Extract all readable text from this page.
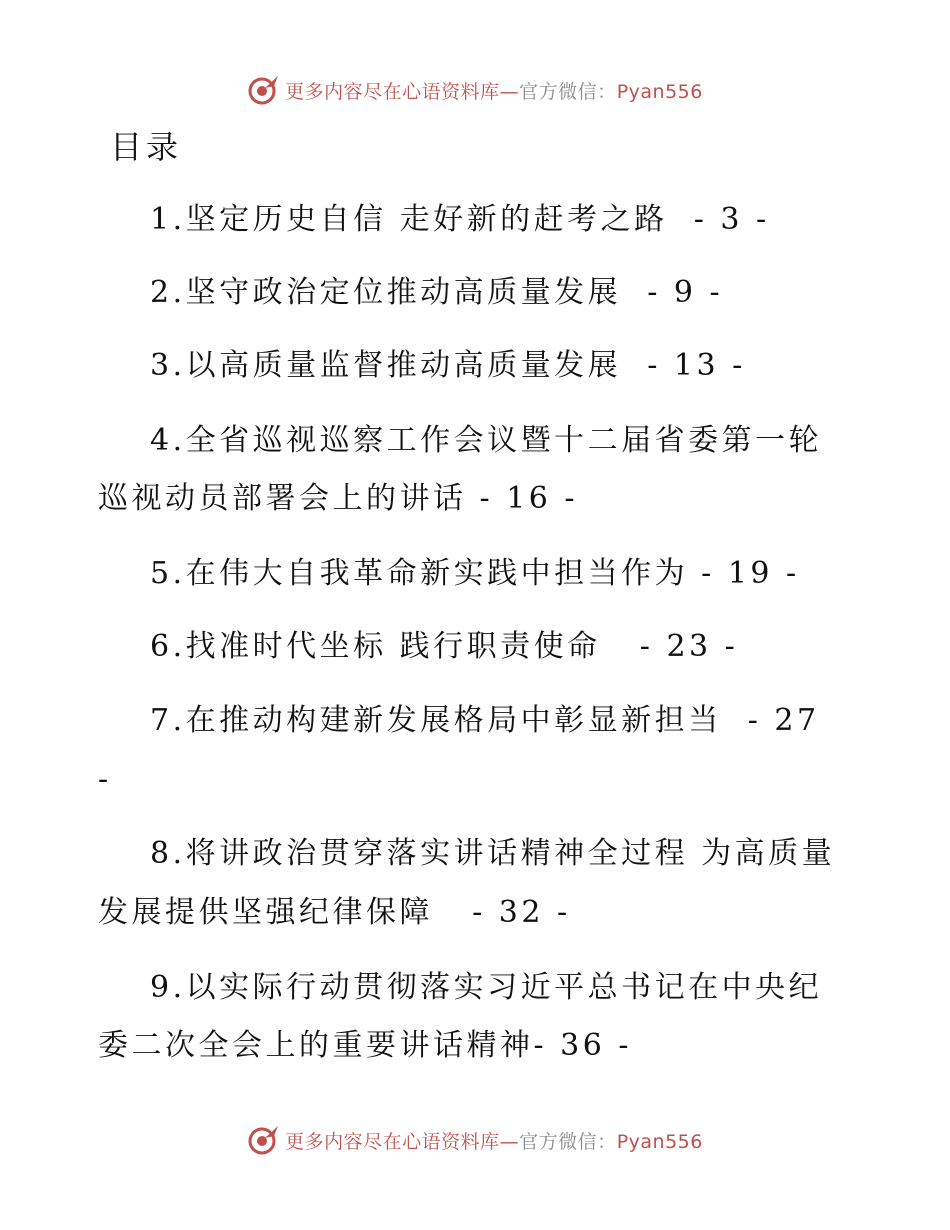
更多内容尽在心语资料库—官方微信：Pyan556
目录
1.坚定历史自信 走好新的赶考之路  - 3 -
2.坚守政治定位推动高质量发展  - 9 -
3.以高质量监督推动高质量发展  - 13 -
4.全省巡视巡察工作会议暨十二届省委第一轮
巡视动员部署会上的讲话 - 16 -
5.在伟大自我革命新实践中担当作为 - 19 -
6.找准时代坐标 践行职责使命   - 23 -
7.在推动构建新发展格局中彰显新担当  - 27
-
8.将讲政治贯穿落实讲话精神全过程 为高质量
发展提供坚强纪律保障   - 32 -
9.以实际行动贯彻落实习近平总书记在中央纪
委二次全会上的重要讲话精神- 36 -
更多内容尽在心语资料库—官方微信：Pyan556
